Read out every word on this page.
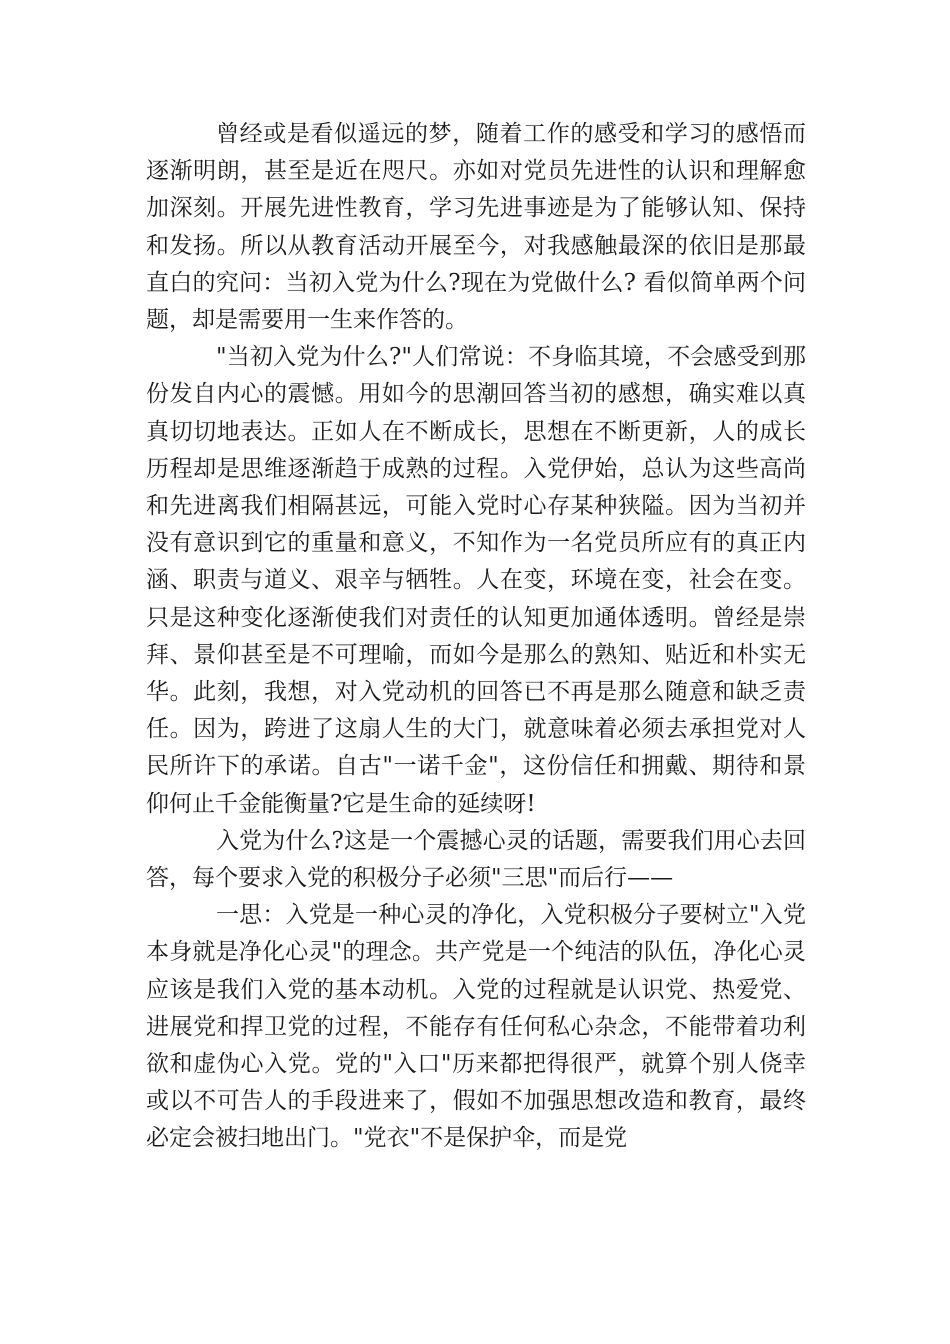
曾经或是看似遥远的梦，随着工作的感受和学习的感悟而逐渐明朗，甚至是近在咫尺。亦如对党员先进性的认识和理解愈加深刻。开展先进性教育，学习先进事迹是为了能够认知、保持和发扬。所以从教育活动开展至今，对我感触最深的依旧是那最直白的究问：当初入党为什么?现在为党做什么? 看似简单两个问题，却是需要用一生来作答的。

"当初入党为什么?"人们常说：不身临其境，不会感受到那份发自内心的震憾。用如今的思潮回答当初的感想，确实难以真真切切地表达。正如人在不断成长，思想在不断更新，人的成长历程却是思维逐渐趋于成熟的过程。入党伊始，总认为这些高尚和先进离我们相隔甚远，可能入党时心存某种狭隘。因为当初并没有意识到它的重量和意义，不知作为一名党员所应有的真正内涵、职责与道义、艰辛与牺牲。人在变，环境在变，社会在变。只是这种变化逐渐使我们对责任的认知更加通体透明。曾经是崇拜、景仰甚至是不可理喻，而如今是那么的熟知、贴近和朴实无华。此刻，我想，对入党动机的回答已不再是那么随意和缺乏责任。因为，跨进了这扇人生的大门，就意味着必须去承担党对人民所许下的承诺。自古"一诺千金"，这份信任和拥戴、期待和景仰何止千金能衡量?它是生命的延续呀!

入党为什么?这是一个震撼心灵的话题，需要我们用心去回答，每个要求入党的积极分子必须"三思"而后行——

一思：入党是一种心灵的净化，入党积极分子要树立"入党本身就是净化心灵"的理念。共产党是一个纯洁的队伍，净化心灵应该是我们入党的基本动机。入党的过程就是认识党、热爱党、进展党和捍卫党的过程，不能存有任何私心杂念，不能带着功利欲和虚伪心入党。党的"入口"历来都把得很严，就算个别人侥幸或以不可告人的手段进来了，假如不加强思想改造和教育，最终必定会被扫地出门。"党衣"不是保护伞，而是党
